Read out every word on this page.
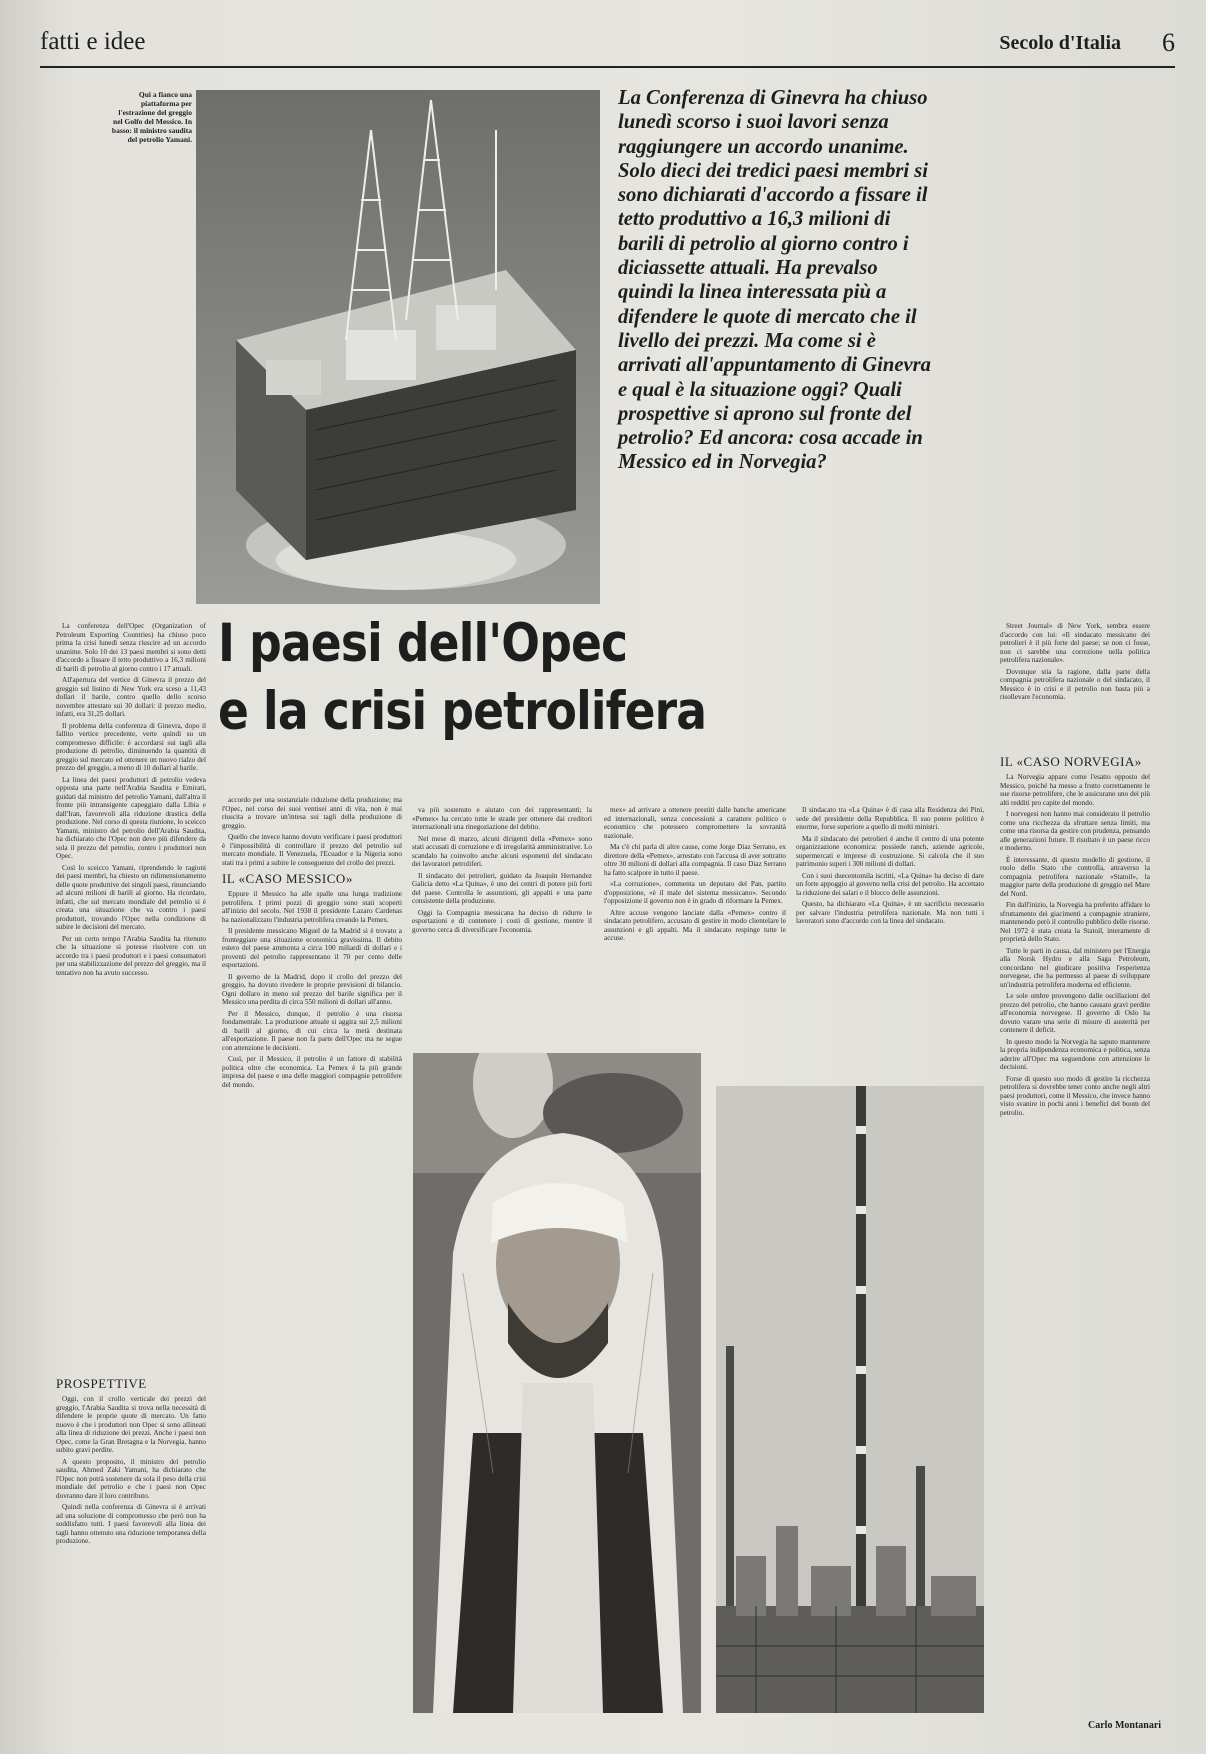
fatti e idee	Secolo d'Italia 6
Qui a fianco una piattaforma per l'estrazione del greggio nel Golfo del Messico. In basso: il ministro saudita del petrolio Yamani.
La Conferenza di Ginevra ha chiuso lunedì scorso i suoi lavori senza raggiungere un accordo unanime. Solo dieci dei tredici paesi membri si sono dichiarati d'accordo a fissare il tetto produttivo a 16,3 milioni di barili di petrolio al giorno contro i diciassette attuali. Ha prevalso quindi la linea interessata più a difendere le quote di mercato che il livello dei prezzi. Ma come si è arrivati all'appuntamento di Ginevra e qual è la situazione oggi? Quali prospettive si aprono sul fronte del petrolio? Ed ancora: cosa accade in Messico ed in Norvegia?
I paesi dell'Opec
e la crisi petrolifera

La conferenza dell'Opec (Organization of Petroleum Exporting Countries) ha chiuso poco prima la crisi lunedì senza riuscire ad un accordo unanime. Solo 10 dei 13 paesi membri si sono detti d'accordo a fissare il tetto produttivo a 16,3 milioni di barili di petrolio al giorno contro i 17 attuali.

All'apertura del vertice di Ginevra il prezzo del greggio sul listino di New York era sceso a 11,43 dollari il barile, contro quello dello scorso novembre attestato sui 30 dollari: il prezzo medio, infatti, era 31,25 dollari.

Il problema della conferenza di Ginevra, dopo il fallito vertice precedente, verte quindi su un compromesso difficile: è accordarsi sui tagli alla produzione di petrolio, diminuendo la quantità di greggio sul mercato ed ottenere un nuovo rialzo del prezzo del greggio, a meno di 10 dollari al barile.

La linea dei paesi produttori di petrolio vedeva opposta una parte nell'Arabia Saudita e Emirati, guidati dal ministro del petrolio Yamani, dall'altra il fronte più intransigente capeggiato dalla Libia e dall'Iran, favorevoli alla riduzione drastica della produzione. Nel corso di questa riunione, lo sceicco Yamani, ministro del petrolio dell'Arabia Saudita, ha dichiarato che l'Opec non deve più difendere da sola il prezzo del petrolio, contro i produttori non Opec.

Così lo sceicco Yamani, riprendendo le ragioni dei paesi membri, ha chiesto un ridimensionamento delle quote produttive dei singoli paesi, rinunciando ad alcuni milioni di barili al giorno. Ha ricordato, infatti, che sul mercato mondiale del petrolio si è creata una situazione che va contro i paesi produttori, trovando l'Opec nella condizione di subire le decisioni del mercato.

Per un certo tempo l'Arabia Saudita ha ritenuto che la situazione si potesse risolvere con un accordo tra i paesi produttori e i paesi consumatori per una stabilizzazione del prezzo del greggio, ma il tentativo non ha avuto successo.

PROSPETTIVE

Oggi, con il crollo verticale dei prezzi del greggio, l'Arabia Saudita si trova nella necessità di difendere le proprie quote di mercato. Un fatto nuovo è che i produttori non Opec si sono allineati alla linea di riduzione dei prezzi. Anche i paesi non Opec, come la Gran Bretagna e la Norvegia, hanno subito gravi perdite.

A questo proposito, il ministro del petrolio saudita, Ahmed Zaki Yamani, ha dichiarato che l'Opec non potrà sostenere da sola il peso della crisi mondiale del petrolio e che i paesi non Opec dovranno dare il loro contributo.

Quindi nella conferenza di Ginevra si è arrivati ad una soluzione di compromesso che però non ha soddisfatto tutti. I paesi favorevoli alla linea dei tagli hanno ottenuto una riduzione temporanea della produzione.

accordo per una sostanziale riduzione della produzione; ma l'Opec, nel corso dei suoi ventisei anni di vita, non è mai riuscita a trovare un'intesa sui tagli della produzione di greggio.

Quello che invece hanno dovuto verificare i paesi produttori è l'impossibilità di controllare il prezzo del petrolio sul mercato mondiale. Il Venezuela, l'Ecuador e la Nigeria sono stati tra i primi a subire le conseguenze del crollo dei prezzi.

IL «CASO MESSICO»

Eppure il Messico ha alle spalle una lunga tradizione petrolifera. I primi pozzi di greggio sono stati scoperti all'inizio del secolo. Nel 1938 il presidente Lazaro Cardenas ha nazionalizzato l'industria petrolifera creando la Pemex.

Il presidente messicano Miguel de la Madrid si è trovato a fronteggiare una situazione economica gravissima. Il debito estero del paese ammonta a circa 100 miliardi di dollari e i proventi del petrolio rappresentano il 70 per cento delle esportazioni.

Il governo de la Madrid, dopo il crollo del prezzo del greggio, ha dovuto rivedere le proprie previsioni di bilancio. Ogni dollaro in meno sul prezzo del barile significa per il Messico una perdita di circa 550 milioni di dollari all'anno.

Per il Messico, dunque, il petrolio è una risorsa fondamentale. La produzione attuale si aggira sui 2,5 milioni di barili al giorno, di cui circa la metà destinata all'esportazione. Il paese non fa parte dell'Opec ma ne segue con attenzione le decisioni.

Così, per il Messico, il petrolio è un fattore di stabilità politica oltre che economica. La Pemex è la più grande impresa del paese e una delle maggiori compagnie petrolifere del mondo.

va più sostenuto e aiutato con dei rappresentanti; la «Pemex» ha cercato tutte le strade per ottenere dai creditori internazionali una rinegoziazione del debito.

Nel mese di marzo, alcuni dirigenti della «Pemex» sono stati accusati di corruzione e di irregolarità amministrative. Lo scandalo ha coinvolto anche alcuni esponenti del sindacato dei lavoratori petroliferi.

Il sindacato dei petrolieri, guidato da Joaquin Hernandez Galicia detto «La Quina», è uno dei centri di potere più forti del paese. Controlla le assunzioni, gli appalti e una parte consistente della produzione.

Oggi la Compagnia messicana ha deciso di ridurre le esportazioni e di contenere i costi di gestione, mentre il governo cerca di diversificare l'economia.

mex» ad arrivare a ottenere prestiti dalle banche americane ed internazionali, senza concessioni a carattere politico o economico che potessero compromettere la sovranità nazionale.

Ma c'è chi parla di altre cause, come Jorge Diaz Serrano, ex direttore della «Pemex», arrestato con l'accusa di aver sottratto oltre 30 milioni di dollari alla compagnia. Il caso Diaz Serrano ha fatto scalpore in tutto il paese.

«La corruzione», commenta un deputato del Pan, partito d'opposizione, «è il male del sistema messicano». Secondo l'opposizione il governo non è in grado di riformare la Pemex.

Altre accuse vengono lanciate dalla «Pemex» contro il sindacato petrolifero, accusato di gestire in modo clientelare le assunzioni e gli appalti. Ma il sindacato respinge tutte le accuse.

Il sindacato tra «La Quina» è di casa alla Residenza dei Pini, sede del presidente della Repubblica. Il suo potere politico è enorme, forse superiore a quello di molti ministri.

Ma il sindacato dei petrolieri è anche il centro di una potente organizzazione economica: possiede ranch, aziende agricole, supermercati e imprese di costruzione. Si calcola che il suo patrimonio superi i 300 milioni di dollari.

Con i suoi duecentomila iscritti, «La Quina» ha deciso di dare un forte appoggio al governo nella crisi del petrolio. Ha accettato la riduzione dei salari e il blocco delle assunzioni.

Questo, ha dichiarato «La Quina», è un sacrificio necessario per salvare l'industria petrolifera nazionale. Ma non tutti i lavoratori sono d'accordo con la linea del sindacato.

Street Journal» di New York, sembra essere d'accordo con lui: «Il sindacato messicano dei petrolieri è il più forte del paese; se non ci fosse, non ci sarebbe una correzione nella politica petrolifera nazionale».

Dovunque stia la ragione, dalla parte della compagnia petrolifera nazionale o del sindacato, il Messico è in crisi e il petrolio non basta più a risollevare l'economia.

IL «CASO NORVEGIA»

La Norvegia appare come l'esatto opposto del Messico, poiché ha messo a frutto correttamente le sue risorse petrolifere, che le assicurano uno dei più alti redditi pro capite del mondo.

I norvegesi non hanno mai considerato il petrolio come una ricchezza da sfruttare senza limiti, ma come una risorsa da gestire con prudenza, pensando alle generazioni future. Il risultato è un paese ricco e moderno.

È interessante, di questo modello di gestione, il ruolo dello Stato che controlla, attraverso la compagnia petrolifera nazionale «Statoil», la maggior parte della produzione di greggio nel Mare del Nord.

Fin dall'inizio, la Norvegia ha preferito affidare lo sfruttamento dei giacimenti a compagnie straniere, mantenendo però il controllo pubblico delle risorse. Nel 1972 è stata creata la Statoil, interamente di proprietà dello Stato.

Tutte le parti in causa, dal ministero per l'Energia alla Norsk Hydro e alla Saga Petroleum, concordano nel giudicare positiva l'esperienza norvegese, che ha permesso al paese di sviluppare un'industria petrolifera moderna ed efficiente.

Le sole ombre provengono dalle oscillazioni del prezzo del petrolio, che hanno causato gravi perdite all'economia norvegese. Il governo di Oslo ha dovuto varare una serie di misure di austerità per contenere il deficit.

In questo modo la Norvegia ha saputo mantenere la propria indipendenza economica e politica, senza aderire all'Opec ma seguendone con attenzione le decisioni.

Forse di questo suo modo di gestire la ricchezza petrolifera si dovrebbe tener conto anche negli altri paesi produttori, come il Messico, che invece hanno visto svanire in pochi anni i benefici del boom del petrolio.

Carlo Montanari
